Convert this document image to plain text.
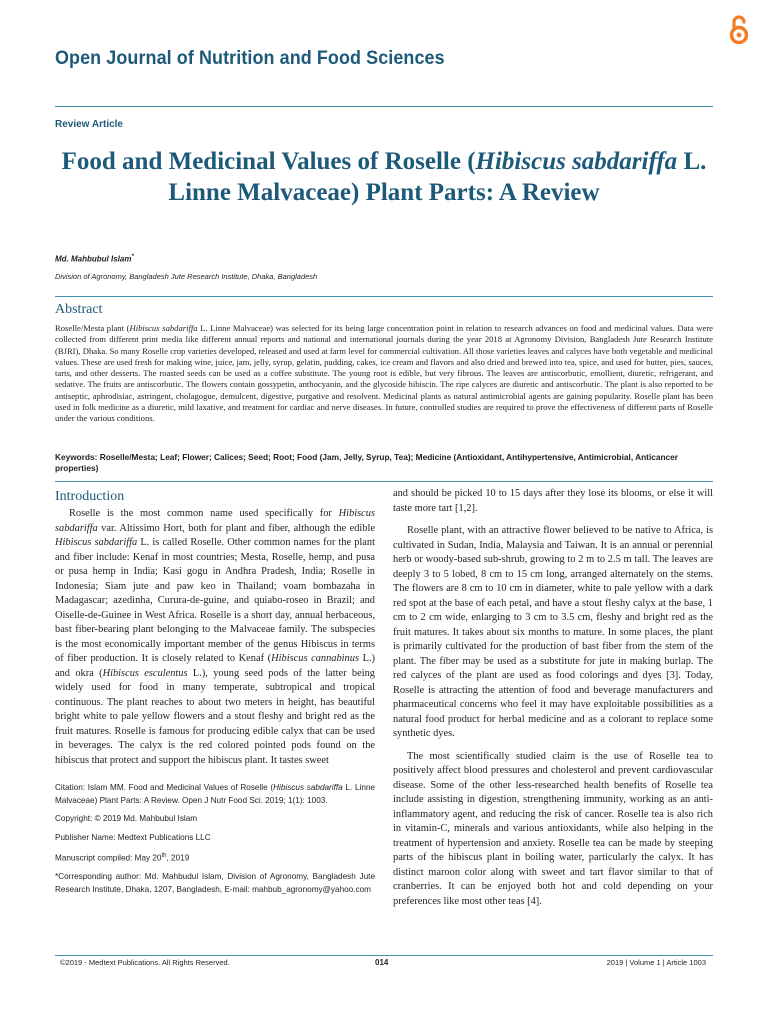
Open Journal of Nutrition and Food Sciences
Review Article
Food and Medicinal Values of Roselle (Hibiscus sabdariffa L. Linne Malvaceae) Plant Parts: A Review
Md. Mahbubul Islam*
Division of Agronomy, Bangladesh Jute Research Institute, Dhaka, Bangladesh
Abstract
Roselle/Mesta plant (Hibiscus sabdariffa L. Linne Malvaceae) was selected for its being large concentration point in relation to research advances on food and medicinal values. Data were collected from different print media like different annual reports and national and international journals during the year 2018 at Agronomy Division, Bangladesh Jute Research Institute (BJRI), Dhaka. So many Roselle crop varieties developed, released and used at farm level for commercial cultivation. All those varieties leaves and calyces have both vegetable and medicinal values. These are used fresh for making wine, juice, jam, jelly, syrup, gelatin, pudding, cakes, ice cream and flavors and also dried and brewed into tea, spice, and used for butter, pies, sauces, tarts, and other desserts. The roasted seeds can be used as a coffee substitute. The young root is edible, but very fibrous. The leaves are antiscorbutic, emollient, diuretic, refrigerant, and sedative. The fruits are antiscorbutic. The flowers contain gossypetin, anthocyanin, and the glycoside hibiscin. The ripe calyces are diuretic and antiscorbutic. The plant is also reported to be antiseptic, aphrodisiac, astringent, cholagogue, demulcent, digestive, purgative and resolvent. Medicinal plants as natural antimicrobial agents are gaining popularity. Roselle plant has been used in folk medicine as a diuretic, mild laxative, and treatment for cardiac and nerve diseases. In future, controlled studies are required to prove the effectiveness of different parts of Roselle under the various conditions.
Keywords: Roselle/Mesta; Leaf; Flower; Calices; Seed; Root; Food (Jam, Jelly, Syrup, Tea); Medicine (Antioxidant, Antihypertensive, Antimicrobial, Anticancer properties)
Introduction

Roselle is the most common name used specifically for Hibiscus sabdariffa var. Altissimo Hort, both for plant and fiber, although the edible Hibiscus sabdariffa L. is called Roselle. Other common names for the plant and fiber include: Kenaf in most countries; Mesta, Roselle, hemp, and pusa or pusa hemp in India; Kasi gogu in Andhra Pradesh, India; Roselle in Indonesia; Siam jute and paw keo in Thailand; voam bombazaha in Madagascar; azedinha, Curura-de-guine, and quiabo-roseo in Brazil; and Oiselle-de-Guinee in West Africa. Roselle is a short day, annual herbaceous, bast fiber-bearing plant belonging to the Malvaceae family. The subspecies is the most economically important member of the genus Hibiscus in terms of fiber production. It is closely related to Kenaf (Hibiscus cannabinus L.) and okra (Hibiscus esculentus L.), young seed pods of the latter being widely used for food in many temperate, subtropical and tropical continuous. The plant reaches to about two meters in height, has beautiful bright white to pale yellow flowers and a stout fleshy and bright red as the fruit matures. Roselle is famous for producing edible calyx that can be used in beverages. The calyx is the red colored pointed pods found on the hibiscus that protect and support the hibiscus plant. It tastes sweet

and should be picked 10 to 15 days after they lose its blooms, or else it will taste more tart [1,2].

Roselle plant, with an attractive flower believed to be native to Africa, is cultivated in Sudan, India, Malaysia and Taiwan. It is an annual or perennial herb or woody-based sub-shrub, growing to 2 m to 2.5 m tall. The leaves are deeply 3 to 5 lobed, 8 cm to 15 cm long, arranged alternately on the stems. The flowers are 8 cm to 10 cm in diameter, white to pale yellow with a dark red spot at the base of each petal, and have a stout fleshy calyx at the base, 1 cm to 2 cm wide, enlarging to 3 cm to 3.5 cm, fleshy and bright red as the fruit matures. It takes about six months to mature. In some places, the plant is primarily cultivated for the production of bast fiber from the stem of the plant. The fiber may be used as a substitute for jute in making burlap. The red calyces of the plant are used as food colorings and dyes [3]. Today, Roselle is attracting the attention of food and beverage manufacturers and pharmaceutical concerns who feel it may have exploitable possibilities as a natural food product for herbal medicine and as a colorant to replace some synthetic dyes.

The most scientifically studied claim is the use of Roselle tea to positively affect blood pressures and cholesterol and prevent cardiovascular disease. Some of the other less-researched health benefits of Roselle tea include assisting in digestion, strengthening immunity, working as an anti-inflammatory agent, and reducing the risk of cancer. Roselle tea is also rich in vitamin-C, minerals and various antioxidants, while also helping in the treatment of hypertension and anxiety. Roselle tea can be made by steeping parts of the hibiscus plant in boiling water, particularly the calyx. It has distinct maroon color along with sweet and tart flavor similar to that of cranberries. It can be enjoyed both hot and cold depending on your preferences like most other teas [4].

Citation: Islam MM. Food and Medicinal Values of Roselle (Hibiscus sabdariffa L. Linne Malvaceae) Plant Parts: A Review. Open J Nutr Food Sci. 2019; 1(1): 1003.
Copyright: © 2019 Md. Mahbubul Islam
Publisher Name: Medtext Publications LLC
Manuscript compiled: May 20th, 2019
*Corresponding author: Md. Mahbudul Islam, Division of Agronomy, Bangladesh Jute Research Institute, Dhaka, 1207, Bangladesh, E-mail: mahbub_agronomy@yahoo.com
©2019 - Medtext Publications. All Rights Reserved.	014	2019 | Volume 1 | Article 1003
